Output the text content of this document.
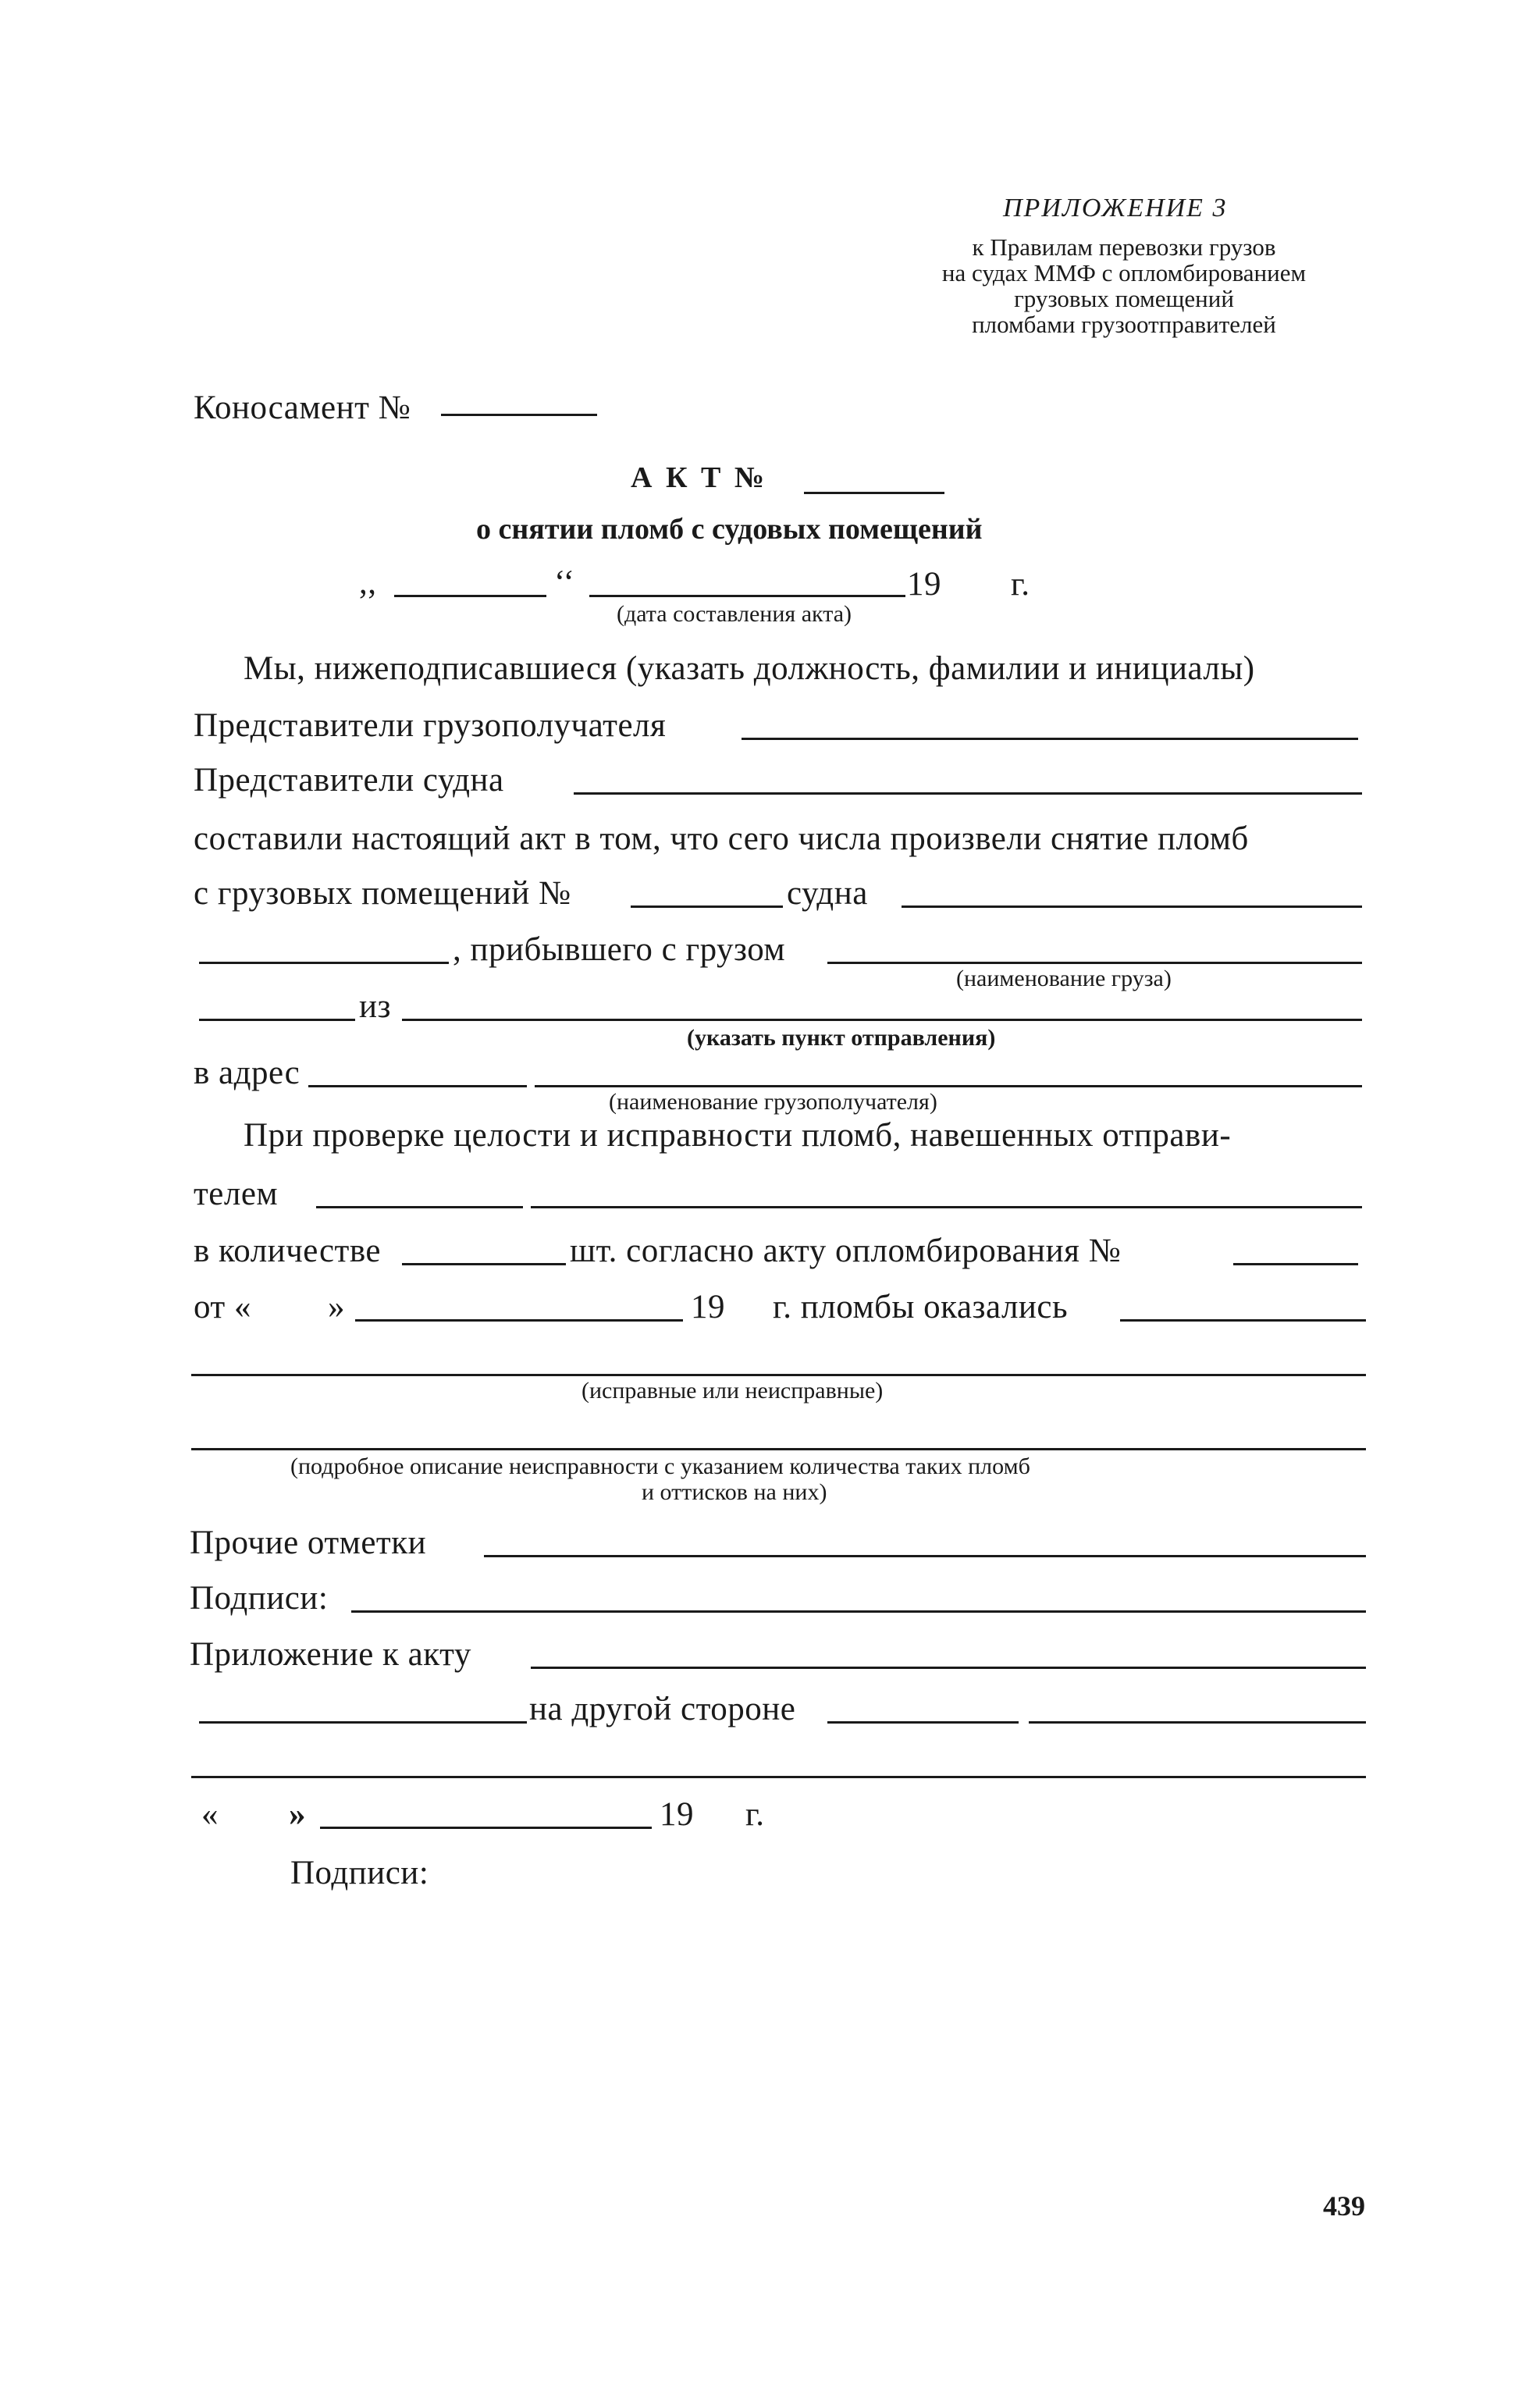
ПРИЛОЖЕНИЕ 3
к Правилам перевозки грузов
на судах ММФ с опломбированием
грузовых помещений
пломбами грузоотправителей
Коносамент №
А К Т №
о снятии пломб с судовых помещений
,,	‘‘	19 г.
(дата составления акта)
Мы, нижеподписавшиеся (указать должность, фамилии и инициалы)
Представители грузополучателя
Представители судна
составили настоящий акт в том, что сего числа произвели снятие пломб
с грузовых помещений №	судна
, прибывшего с грузом
(наименование груза)
из
(указать пункт отправления)
в адрес
(наименование грузополучателя)
При проверке целости и исправности пломб, навешенных отправи-
телем
в количестве	шт. согласно акту опломбирования №
от « »	19 г. пломбы оказались
(исправные или неисправные)
(подробное описание неисправности с указанием количества таких пломб
и оттисков на них)
Прочие отметки
Подписи:
Приложение к акту
на другой стороне
« »	19 г.
Подписи:
439
